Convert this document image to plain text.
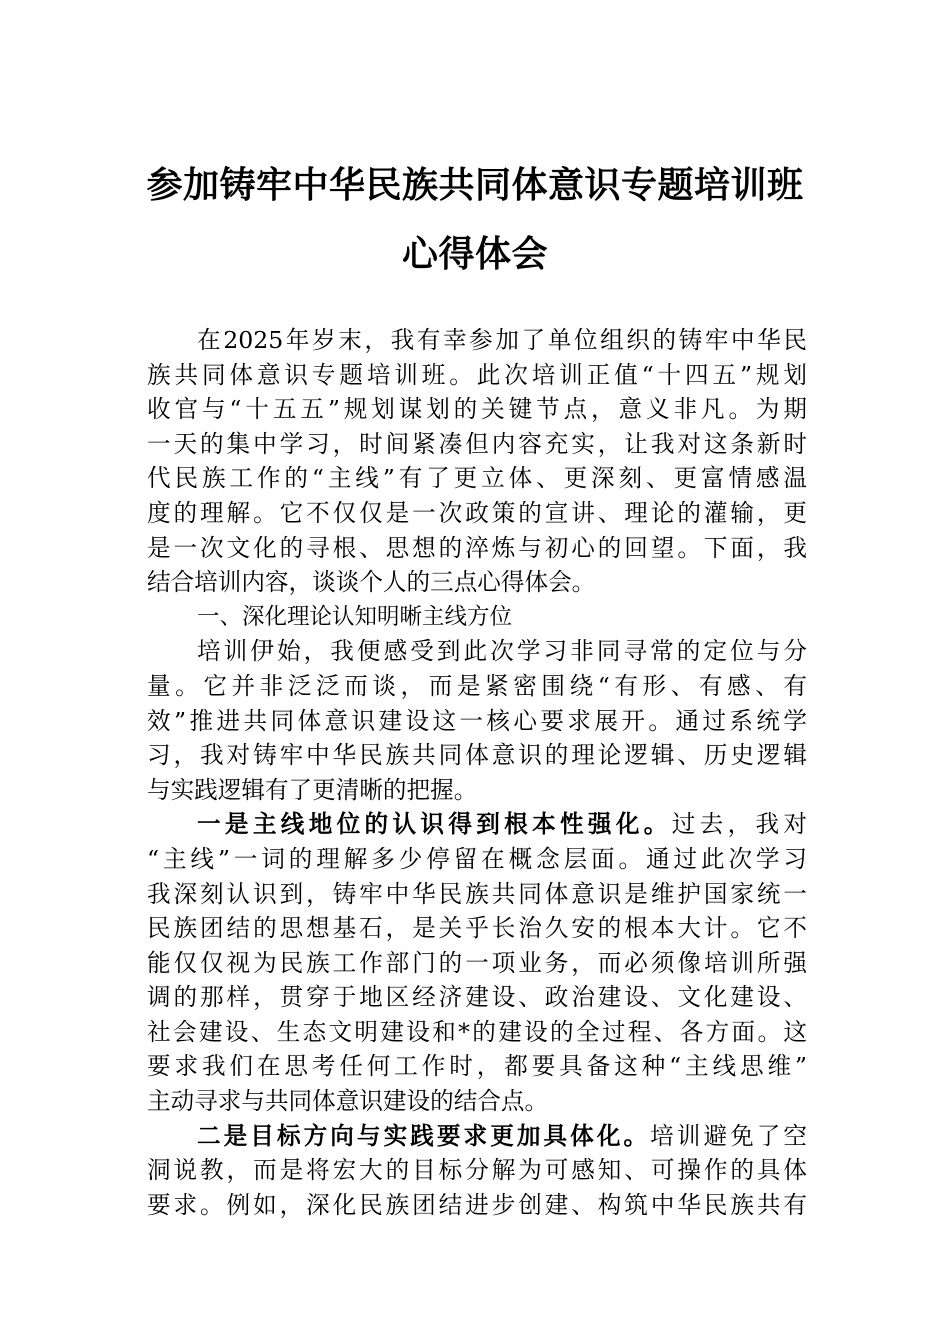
参加铸牢中华民族共同体意识专题培训班
心得体会
在2025年岁末，我有幸参加了单位组织的铸牢中华民
族共同体意识专题培训班。此次培训正值“十四五”规划
收官与“十五五”规划谋划的关键节点，意义非凡。为期
一天的集中学习，时间紧凑但内容充实，让我对这条新时
代民族工作的“主线”有了更立体、更深刻、更富情感温
度的理解。它不仅仅是一次政策的宣讲、理论的灌输，更
是一次文化的寻根、思想的淬炼与初心的回望。下面，我
结合培训内容，谈谈个人的三点心得体会。
一、深化理论认知明晰主线方位
培训伊始，我便感受到此次学习非同寻常的定位与分
量。它并非泛泛而谈，而是紧密围绕“有形、有感、有
效”推进共同体意识建设这一核心要求展开。通过系统学
习，我对铸牢中华民族共同体意识的理论逻辑、历史逻辑
与实践逻辑有了更清晰的把握。
一是主线地位的认识得到根本性强化。过去，我对
“主线”一词的理解多少停留在概念层面。通过此次学习
我深刻认识到，铸牢中华民族共同体意识是维护国家统一
民族团结的思想基石，是关乎长治久安的根本大计。它不
能仅仅视为民族工作部门的一项业务，而必须像培训所强
调的那样，贯穿于地区经济建设、政治建设、文化建设、
社会建设、生态文明建设和*的建设的全过程、各方面。这
要求我们在思考任何工作时，都要具备这种“主线思维”
主动寻求与共同体意识建设的结合点。
二是目标方向与实践要求更加具体化。培训避免了空
洞说教，而是将宏大的目标分解为可感知、可操作的具体
要求。例如，深化民族团结进步创建、构筑中华民族共有
